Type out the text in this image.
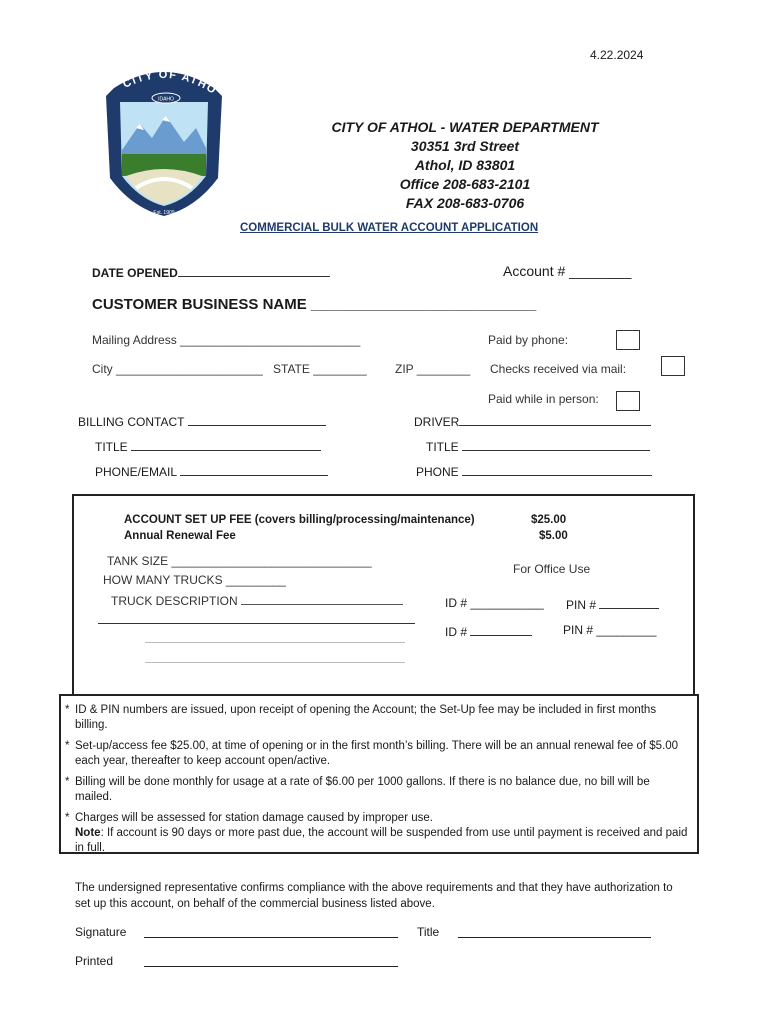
4.22.2024
IDAHO
CITY OF ATHO
Est. 1909
CITY OF ATHOL - WATER DEPARTMENT
30351 3rd Street
Athol, ID 83801
Office 208-683-2101
FAX 208-683-0706
COMMERCIAL BULK WATER ACCOUNT APPLICATION
DATE OPENED	Account # ________
CUSTOMER BUSINESS NAME ___________________________
Mailing Address ___________________________	Paid by phone:
City ______________________ STATE ________ ZIP ________ Checks received via mail:
Paid while in person:
BILLING CONTACT	DRIVER
TITLE	TITLE
PHONE/EMAIL	PHONE
ACCOUNT SET UP FEE (covers billing/processing/maintenance)	$25.00
Annual Renewal Fee	$5.00
TANK SIZE ______________________________
HOW MANY TRUCKS _________
TRUCK DESCRIPTION
For Office Use
ID # ___________ PIN #
ID #	PIN # _________

* ID & PIN numbers are issued, upon receipt of opening the Account; the Set-Up fee may be included in first months billing.

* Set-up/access fee $25.00, at time of opening or in the first month’s billing. There will be an annual renewal fee of $5.00 each year, thereafter to keep account open/active.

* Billing will be done monthly for usage at a rate of $6.00 per 1000 gallons. If there is no balance due, no bill will be mailed.

* Charges will be assessed for station damage caused by improper use.

Note: If account is 90 days or more past due, the account will be suspended from use until payment is received and paid in full.

The undersigned representative confirms compliance with the above requirements and that they have authorization to set up this account, on behalf of the commercial business listed above.
Signature	Title
Printed
